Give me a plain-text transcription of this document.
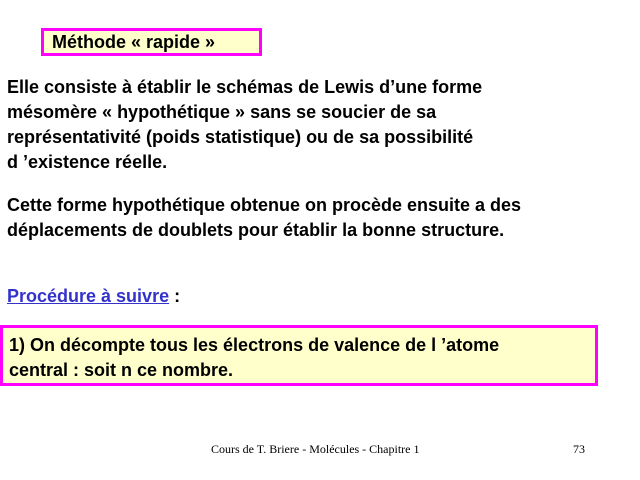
Méthode « rapide »
Elle consiste à établir le schémas de Lewis d’une forme
mésomère « hypothétique » sans se soucier de sa
représentativité (poids statistique) ou de sa possibilité
d ’existence réelle.
Cette forme hypothétique obtenue on procède ensuite a des
déplacements de doublets pour établir la bonne structure.
Procédure à suivre :
1) On décompte tous les électrons de valence de l ’atome
central : soit n ce nombre.
Cours de T. Briere - Molécules - Chapitre 1	73
